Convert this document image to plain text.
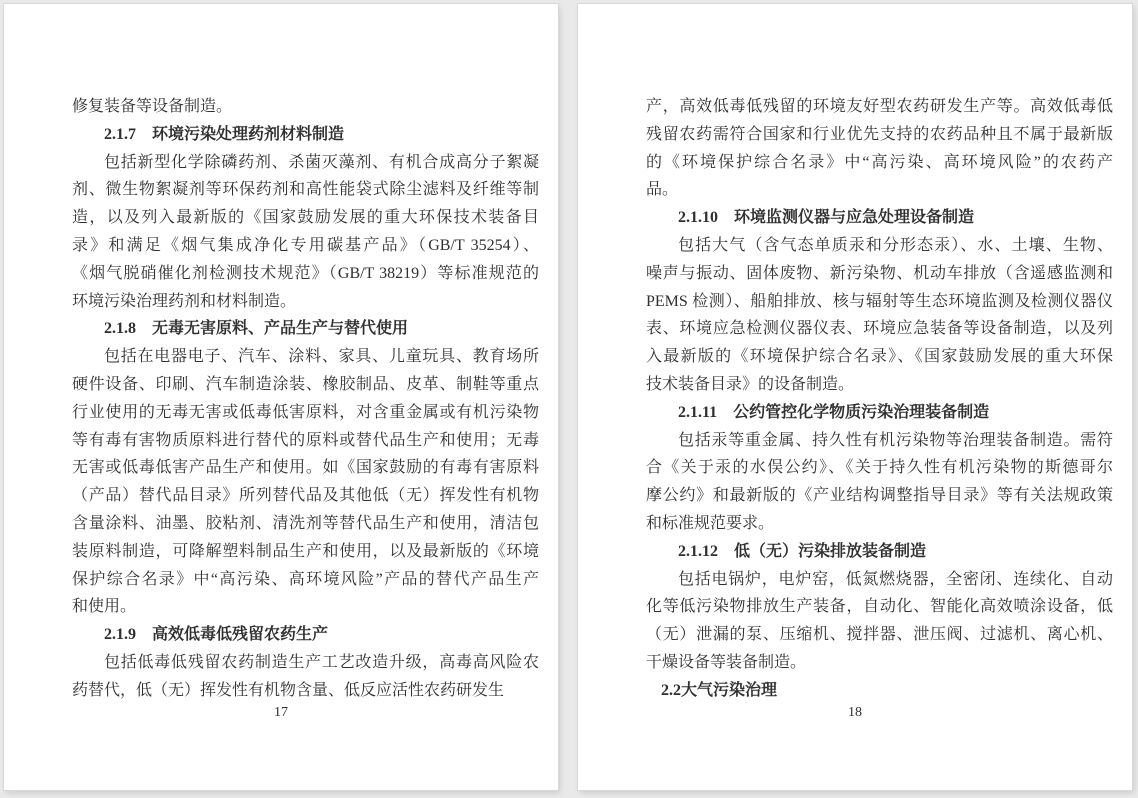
修复装备等设备制造。
2.1.7 环境污染处理药剂材料制造
包括新型化学除磷药剂、杀菌灭藻剂、有机合成高分子絮凝
剂、微生物絮凝剂等环保药剂和高性能袋式除尘滤料及纤维等制
造，以及列入最新版的《国家鼓励发展的重大环保技术装备目
录》和满足《烟气集成净化专用碳基产品》（GB/T 35254）、
《烟气脱硝催化剂检测技术规范》（GB/T 38219）等标准规范的
环境污染治理药剂和材料制造。
2.1.8 无毒无害原料、产品生产与替代使用
包括在电器电子、汽车、涂料、家具、儿童玩具、教育场所
硬件设备、印刷、汽车制造涂装、橡胶制品、皮革、制鞋等重点
行业使用的无毒无害或低毒低害原料，对含重金属或有机污染物
等有毒有害物质原料进行替代的原料或替代品生产和使用；无毒
无害或低毒低害产品生产和使用。如《国家鼓励的有毒有害原料
（产品）替代品目录》所列替代品及其他低（无）挥发性有机物
含量涂料、油墨、胶粘剂、清洗剂等替代品生产和使用，清洁包
装原料制造，可降解塑料制品生产和使用，以及最新版的《环境
保护综合名录》中“高污染、高环境风险”产品的替代产品生产
和使用。
2.1.9 高效低毒低残留农药生产
包括低毒低残留农药制造生产工艺改造升级，高毒高风险农
药替代，低（无）挥发性有机物含量、低反应活性农药研发生
17
产，高效低毒低残留的环境友好型农药研发生产等。高效低毒低
残留农药需符合国家和行业优先支持的农药品种且不属于最新版
的《环境保护综合名录》中“高污染、高环境风险”的农药产
品。
2.1.10 环境监测仪器与应急处理设备制造
包括大气（含气态单质汞和分形态汞）、水、土壤、生物、
噪声与振动、固体废物、新污染物、机动车排放（含遥感监测和
PEMS 检测）、船舶排放、核与辐射等生态环境监测及检测仪器仪
表、环境应急检测仪器仪表、环境应急装备等设备制造，以及列
入最新版的《环境保护综合名录》、《国家鼓励发展的重大环保
技术装备目录》的设备制造。
2.1.11 公约管控化学物质污染治理装备制造
包括汞等重金属、持久性有机污染物等治理装备制造。需符
合《关于汞的水俣公约》、《关于持久性有机污染物的斯德哥尔
摩公约》和最新版的《产业结构调整指导目录》等有关法规政策
和标准规范要求。
2.1.12 低（无）污染排放装备制造
包括电锅炉，电炉窑，低氮燃烧器，全密闭、连续化、自动
化等低污染物排放生产装备，自动化、智能化高效喷涂设备，低
（无）泄漏的泵、压缩机、搅拌器、泄压阀、过滤机、离心机、
干燥设备等装备制造。
2.2大气污染治理
18
